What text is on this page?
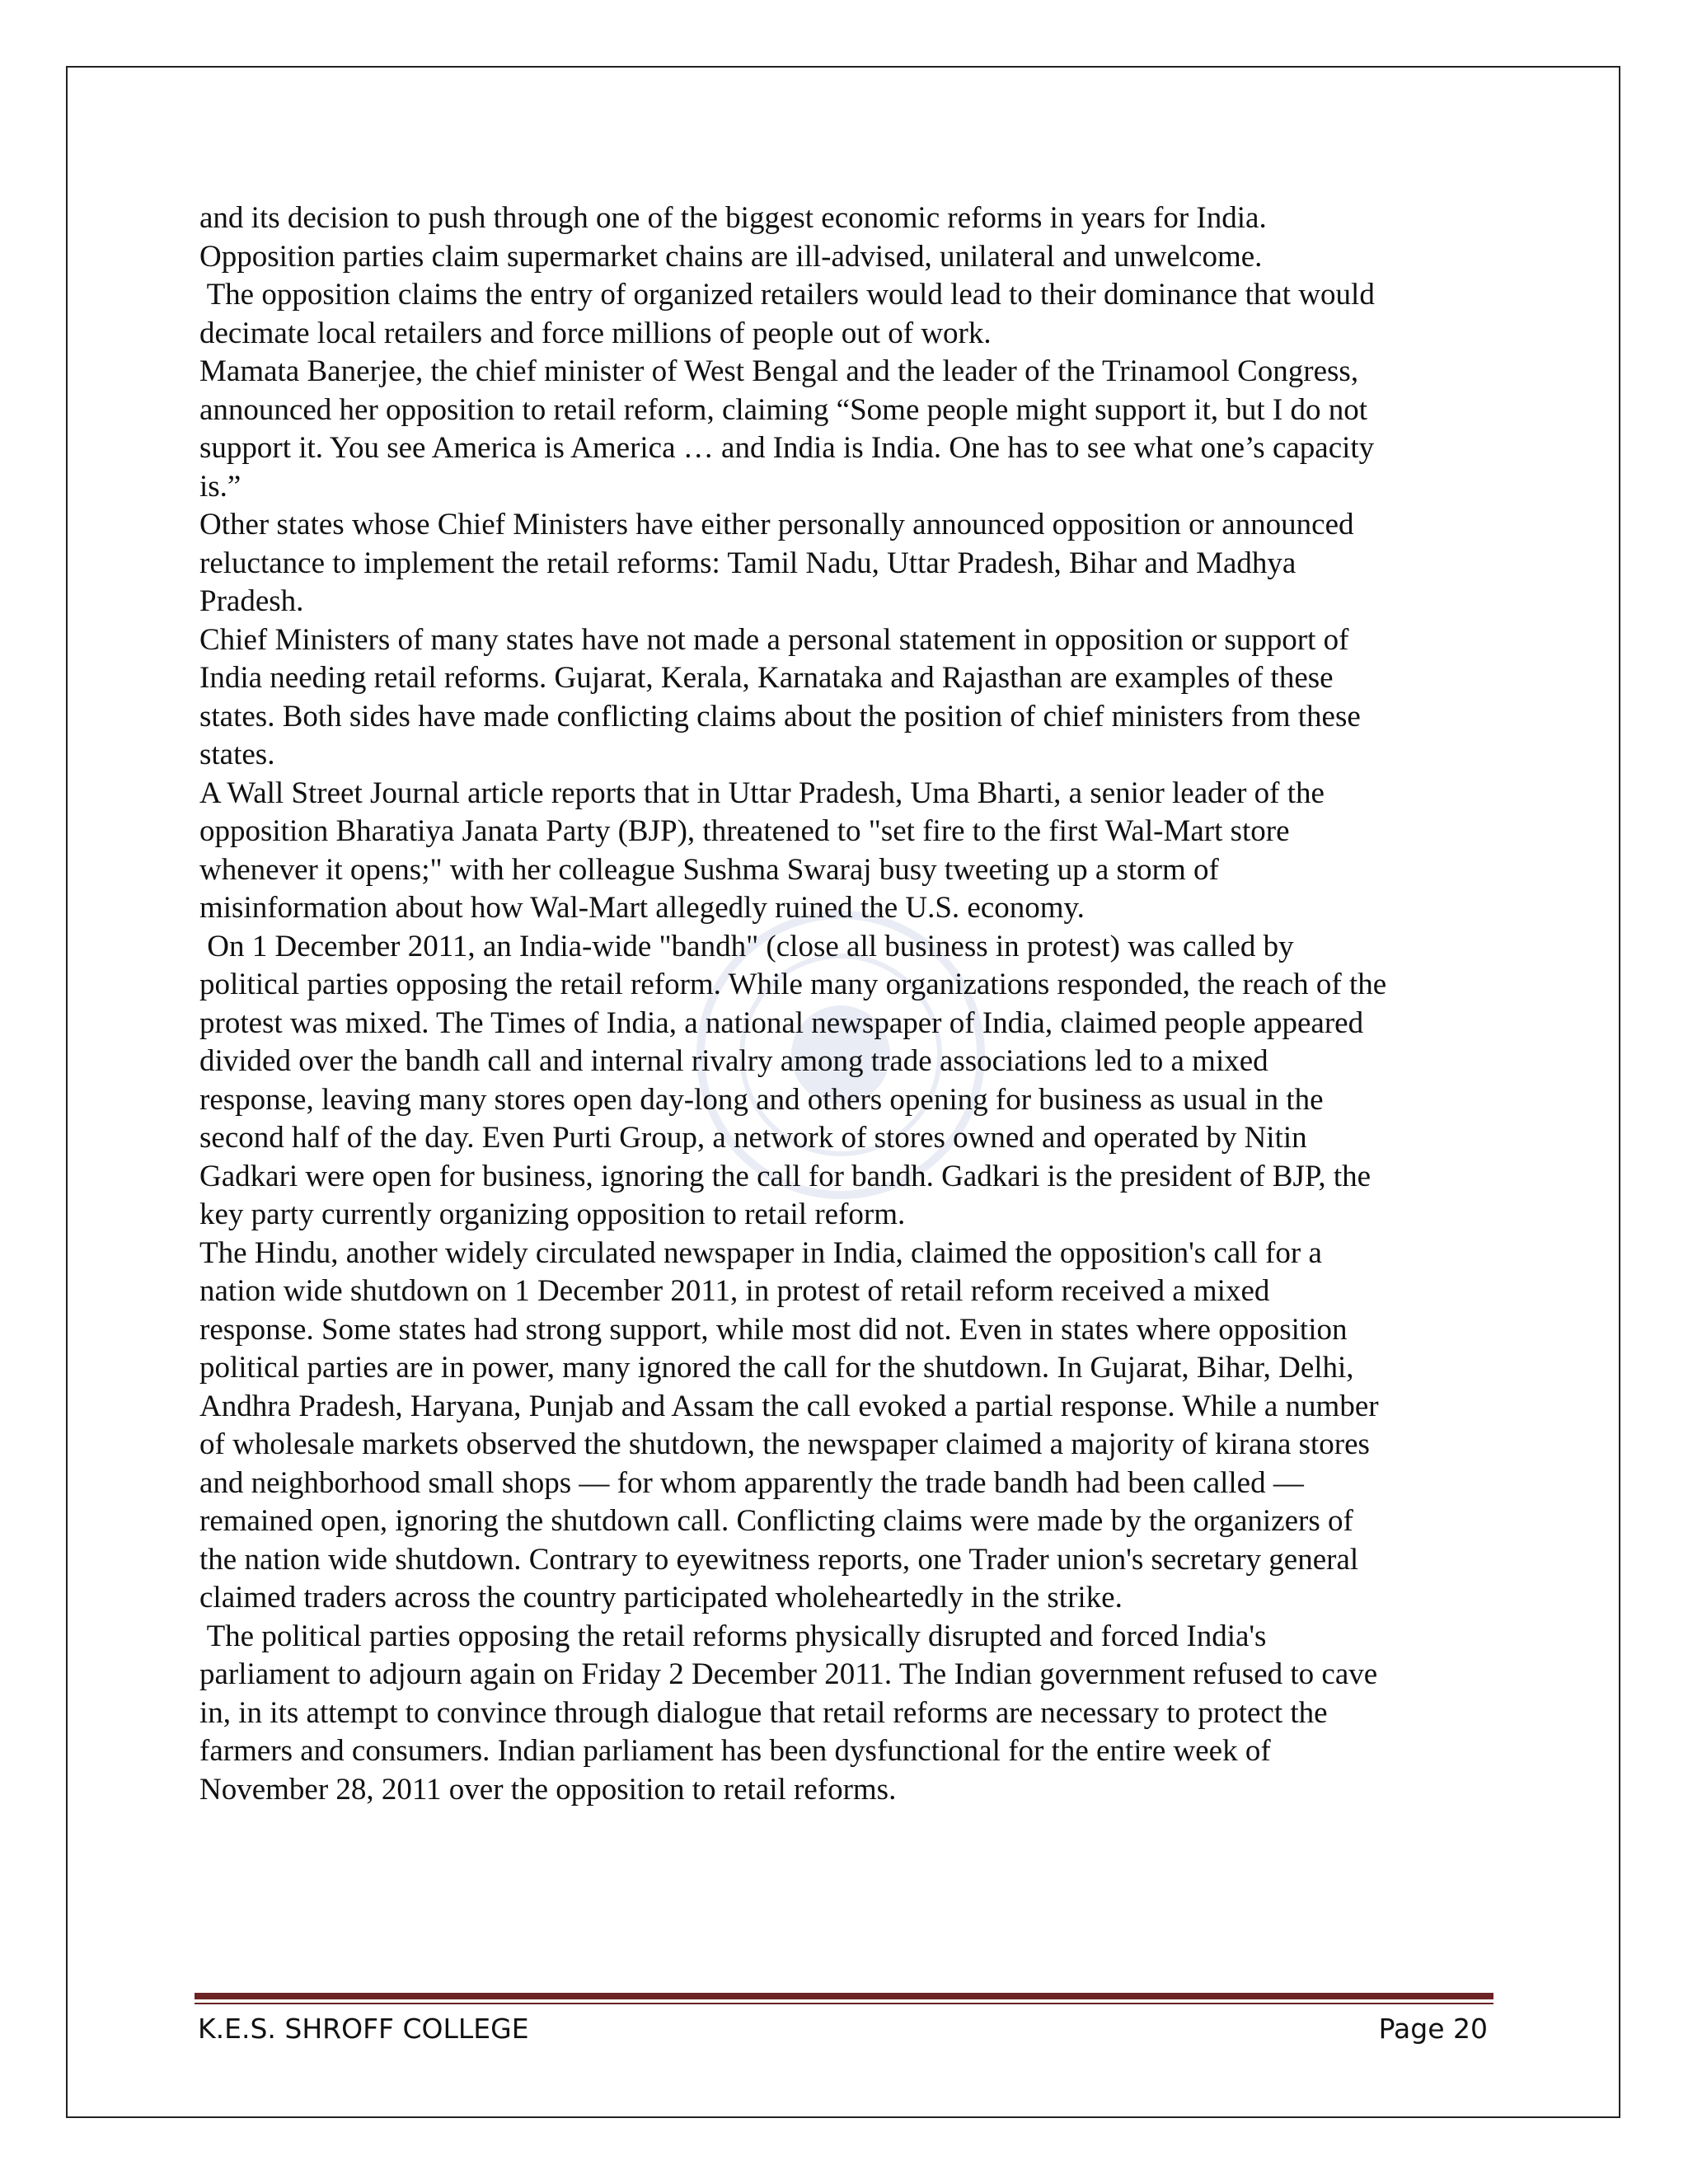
and its decision to push through one of the biggest economic reforms in years for India.
Opposition parties claim supermarket chains are ill-advised, unilateral and unwelcome.
The opposition claims the entry of organized retailers would lead to their dominance that would
decimate local retailers and force millions of people out of work.
Mamata Banerjee, the chief minister of West Bengal and the leader of the Trinamool Congress,
announced her opposition to retail reform, claiming “Some people might support it, but I do not
support it. You see America is America … and India is India. One has to see what one’s capacity
is.”
Other states whose Chief Ministers have either personally announced opposition or announced
reluctance to implement the retail reforms: Tamil Nadu, Uttar Pradesh, Bihar and Madhya
Pradesh.
Chief Ministers of many states have not made a personal statement in opposition or support of
India needing retail reforms. Gujarat, Kerala, Karnataka and Rajasthan are examples of these
states. Both sides have made conflicting claims about the position of chief ministers from these
states.
A Wall Street Journal article reports that in Uttar Pradesh, Uma Bharti, a senior leader of the
opposition Bharatiya Janata Party (BJP), threatened to "set fire to the first Wal-Mart store
whenever it opens;" with her colleague Sushma Swaraj busy tweeting up a storm of
misinformation about how Wal-Mart allegedly ruined the U.S. economy.
On 1 December 2011, an India-wide "bandh" (close all business in protest) was called by
political parties opposing the retail reform. While many organizations responded, the reach of the
protest was mixed. The Times of India, a national newspaper of India, claimed people appeared
divided over the bandh call and internal rivalry among trade associations led to a mixed
response, leaving many stores open day-long and others opening for business as usual in the
second half of the day. Even Purti Group, a network of stores owned and operated by Nitin
Gadkari were open for business, ignoring the call for bandh. Gadkari is the president of BJP, the
key party currently organizing opposition to retail reform.
The Hindu, another widely circulated newspaper in India, claimed the opposition's call for a
nation wide shutdown on 1 December 2011, in protest of retail reform received a mixed
response. Some states had strong support, while most did not. Even in states where opposition
political parties are in power, many ignored the call for the shutdown. In Gujarat, Bihar, Delhi,
Andhra Pradesh, Haryana, Punjab and Assam the call evoked a partial response. While a number
of wholesale markets observed the shutdown, the newspaper claimed a majority of kirana stores
and neighborhood small shops — for whom apparently the trade bandh had been called —
remained open, ignoring the shutdown call. Conflicting claims were made by the organizers of
the nation wide shutdown. Contrary to eyewitness reports, one Trader union's secretary general
claimed traders across the country participated wholeheartedly in the strike.
The political parties opposing the retail reforms physically disrupted and forced India's
parliament to adjourn again on Friday 2 December 2011. The Indian government refused to cave
in, in its attempt to convince through dialogue that retail reforms are necessary to protect the
farmers and consumers. Indian parliament has been dysfunctional for the entire week of
November 28, 2011 over the opposition to retail reforms.
K.E.S. SHROFF COLLEGE	Page 20
